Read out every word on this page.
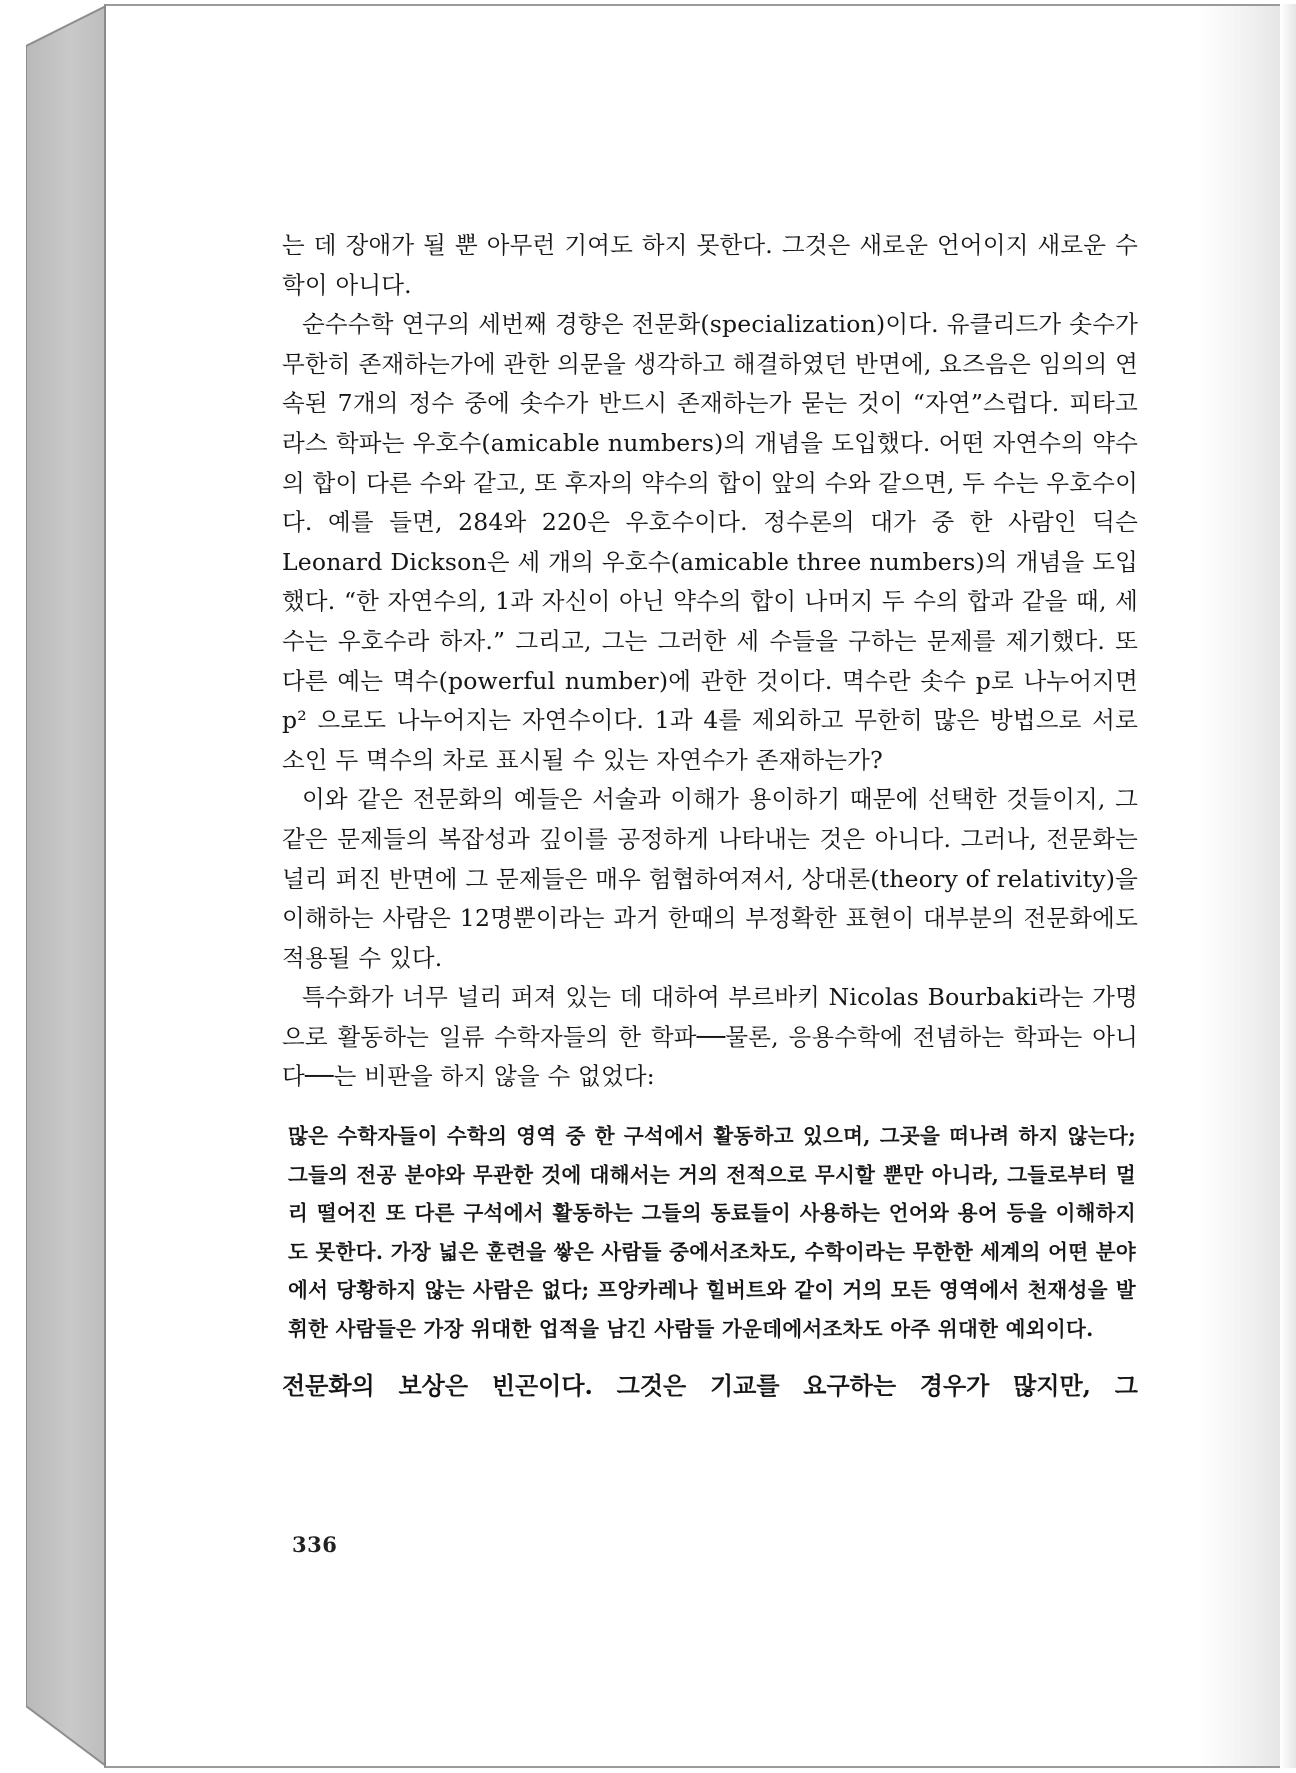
는 데 장애가 될 뿐 아무런 기여도 하지 못한다. 그것은 새로운 언어이지 새로운 수학이 아니다.

순수수학 연구의 세번째 경향은 전문화(specialization)이다. 유클리드가 솟수가 무한히 존재하는가에 관한 의문을 생각하고 해결하였던 반면에, 요즈음은 임의의 연속된 7개의 정수 중에 솟수가 반드시 존재하는가 묻는 것이 “자연”스럽다. 피타고라스 학파는 우호수(amicable numbers)의 개념을 도입했다. 어떤 자연수의 약수의 합이 다른 수와 같고, 또 후자의 약수의 합이 앞의 수와 같으면, 두 수는 우호수이다. 예를 들면, 284와 220은 우호수이다. 정수론의 대가 중 한 사람인 딕슨 Leonard Dickson은 세 개의 우호수(amicable three numbers)의 개념을 도입했다. “한 자연수의, 1과 자신이 아닌 약수의 합이 나머지 두 수의 합과 같을 때, 세 수는 우호수라 하자.” 그리고, 그는 그러한 세 수들을 구하는 문제를 제기했다. 또 다른 예는 멱수(powerful number)에 관한 것이다. 멱수란 솟수 p로 나누어지면 p² 으로도 나누어지는 자연수이다. 1과 4를 제외하고 무한히 많은 방법으로 서로 소인 두 멱수의 차로 표시될 수 있는 자연수가 존재하는가?

이와 같은 전문화의 예들은 서술과 이해가 용이하기 때문에 선택한 것들이지, 그같은 문제들의 복잡성과 깊이를 공정하게 나타내는 것은 아니다. 그러나, 전문화는 널리 퍼진 반면에 그 문제들은 매우 험협하여져서, 상대론(theory of relativity)을 이해하는 사람은 12명뿐이라는 과거 한때의 부정확한 표현이 대부분의 전문화에도 적용될 수 있다.

특수화가 너무 널리 퍼져 있는 데 대하여 부르바키 Nicolas Bourbaki라는 가명으로 활동하는 일류 수학자들의 한 학파──물론, 응용수학에 전념하는 학파는 아니다──는 비판을 하지 않을 수 없었다:

많은 수학자들이 수학의 영역 중 한 구석에서 활동하고 있으며, 그곳을 떠나려 하지 않는다; 그들의 전공 분야와 무관한 것에 대해서는 거의 전적으로 무시할 뿐만 아니라, 그들로부터 멀리 떨어진 또 다른 구석에서 활동하는 그들의 동료들이 사용하는 언어와 용어 등을 이해하지도 못한다. 가장 넓은 훈련을 쌓은 사람들 중에서조차도, 수학이라는 무한한 세계의 어떤 분야에서 당황하지 않는 사람은 없다; 프앙카레나 힐버트와 같이 거의 모든 영역에서 천재성을 발휘한 사람들은 가장 위대한 업적을 남긴 사람들 가운데에서조차도 아주 위대한 예외이다.

전문화의 보상은 빈곤이다. 그것은 기교를 요구하는 경우가 많지만, 그

336
